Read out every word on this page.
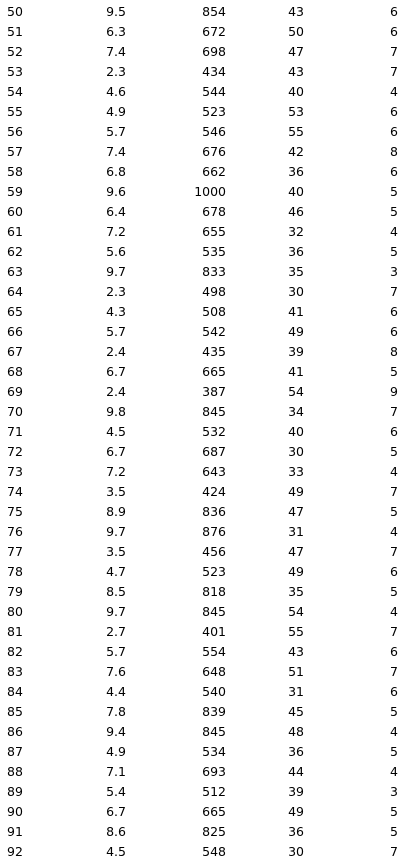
50	9.5	854	43	6
51	6.3	672	50	6
52	7.4	698	47	7
53	2.3	434	43	7
54	4.6	544	40	4
55	4.9	523	53	6
56	5.7	546	55	6
57	7.4	676	42	8
58	6.8	662	36	6
59	9.6	1000	40	5
60	6.4	678	46	5
61	7.2	655	32	4
62	5.6	535	36	5
63	9.7	833	35	3
64	2.3	498	30	7
65	4.3	508	41	6
66	5.7	542	49	6
67	2.4	435	39	8
68	6.7	665	41	5
69	2.4	387	54	9
70	9.8	845	34	7
71	4.5	532	40	6
72	6.7	687	30	5
73	7.2	643	33	4
74	3.5	424	49	7
75	8.9	836	47	5
76	9.7	876	31	4
77	3.5	456	47	7
78	4.7	523	49	6
79	8.5	818	35	5
80	9.7	845	54	4
81	2.7	401	55	7
82	5.7	554	43	6
83	7.6	648	51	7
84	4.4	540	31	6
85	7.8	839	45	5
86	9.4	845	48	4
87	4.9	534	36	5
88	7.1	693	44	4
89	5.4	512	39	3
90	6.7	665	49	5
91	8.6	825	36	5
92	4.5	548	30	7
